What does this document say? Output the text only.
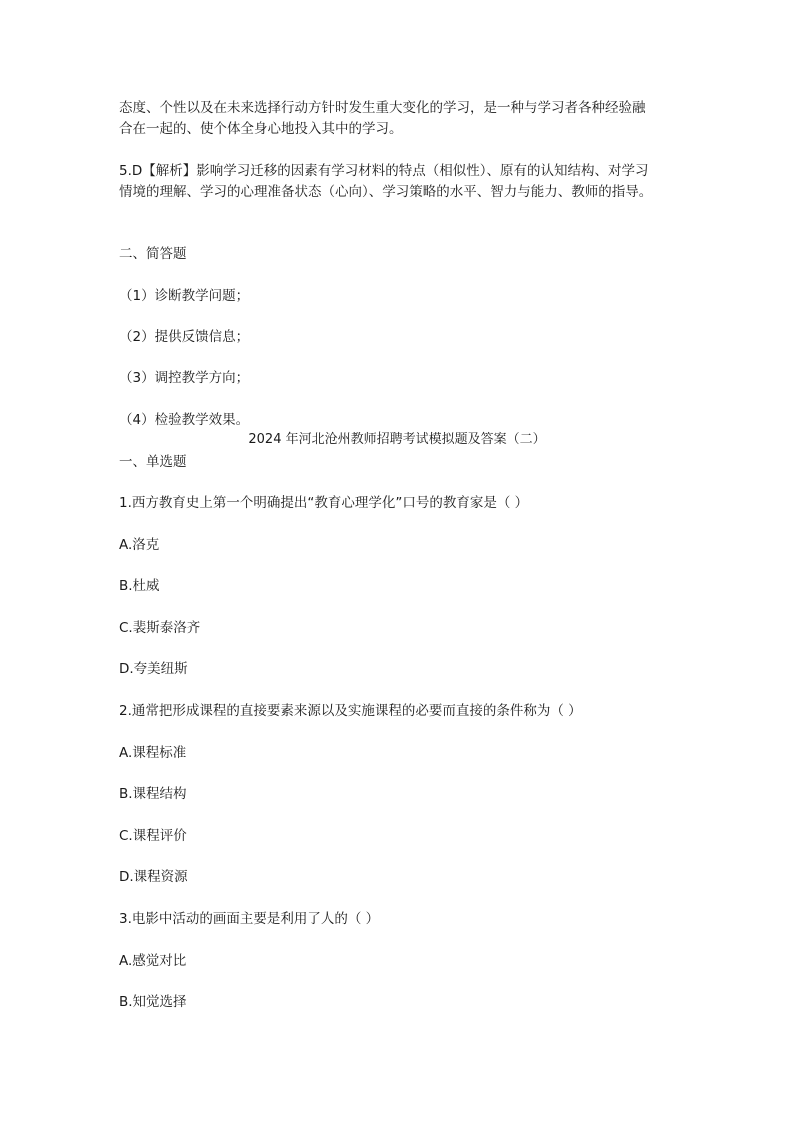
态度、个性以及在未来选择行动方针时发生重大变化的学习，是一种与学习者各种经验融
合在一起的、使个体全身心地投入其中的学习。
5.D【解析】影响学习迁移的因素有学习材料的特点（相似性）、原有的认知结构、对学习
情境的理解、学习的心理准备状态（心向）、学习策略的水平、智力与能力、教师的指导。
二、简答题
（1）诊断教学问题；
（2）提供反馈信息；
（3）调控教学方向；
（4）检验教学效果。
2024 年河北沧州教师招聘考试模拟题及答案（二）
一、单选题
1.西方教育史上第一个明确提出“教育心理学化”口号的教育家是（ ）
A.洛克
B.杜威
C.裴斯泰洛齐
D.夸美纽斯
2.通常把形成课程的直接要素来源以及实施课程的必要而直接的条件称为（ ）
A.课程标准
B.课程结构
C.课程评价
D.课程资源
3.电影中活动的画面主要是利用了人的（ ）
A.感觉对比
B.知觉选择
